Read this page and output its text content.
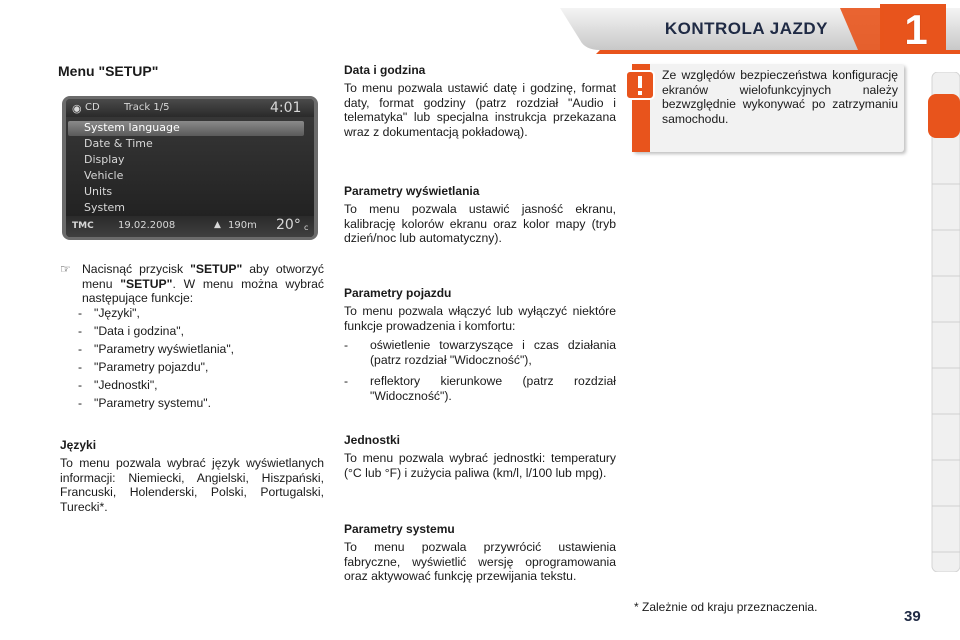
KONTROLA JAZDY	1
Menu "SETUP"
◉ CD Track 1/5	4:01
System language
Date & Time
Display
Vehicle
Units
System
TMC 19.02.2008	▲ 190m 20° c
☞ Nacisnąć przycisk "SETUP" aby otworzyć menu "SETUP". W menu można wybrać następujące funkcje:
- "Języki",
- "Data i godzina",
- "Parametry wyświetlania",
- "Parametry pojazdu",
- "Jednostki",
- "Parametry systemu".
Języki
To menu pozwala wybrać język wyświetlanych informacji: Niemiecki, Angielski, Hiszpański, Francuski, Holenderski, Polski, Portugalski, Turecki*.
Data i godzina
To menu pozwala ustawić datę i godzinę, format daty, format godziny (patrz rozdział "Audio i telematyka" lub specjalna instrukcja przekazana wraz z dokumentacją pokładową).
Parametry wyświetlania
To menu pozwala ustawić jasność ekranu, kalibrację kolorów ekranu oraz kolor mapy (tryb dzień/noc lub automatyczny).
Parametry pojazdu
To menu pozwala włączyć lub wyłączyć niektóre funkcje prowadzenia i komfortu:
- oświetlenie towarzyszące i czas działania (patrz rozdział "Widoczność"),
- reflektory kierunkowe (patrz rozdział "Widoczność").
Jednostki
To menu pozwala wybrać jednostki: temperatury (°C lub °F) i zużycia paliwa (km/l, l/100 lub mpg).
Parametry systemu
To menu pozwala przywrócić ustawienia fabryczne, wyświetlić wersję oprogramowania oraz aktywować funkcję przewijania tekstu.
Ze względów bezpieczeństwa konfigurację ekranów wielofunkcyjnych należy bezwzględnie wykonywać po zatrzymaniu samochodu.
* Zależnie od kraju przeznaczenia.
39
